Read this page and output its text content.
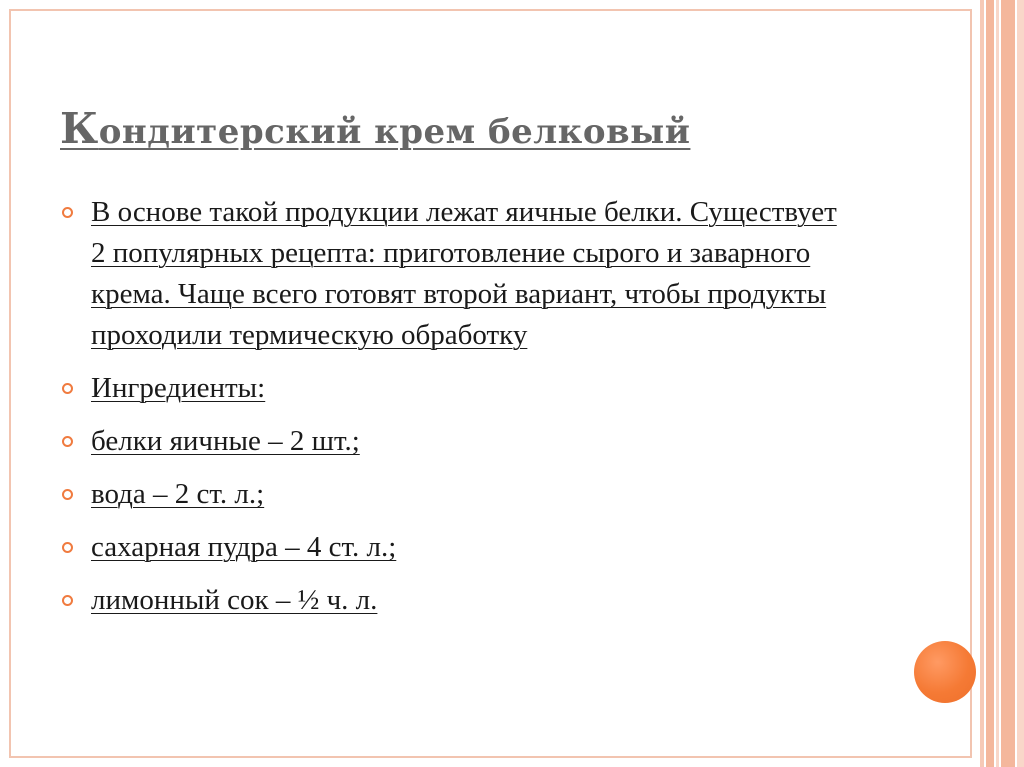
Кондитерский крем белковый
В основе такой продукции лежат яичные белки. Существует 2 популярных рецепта: приготовление сырого и заварного крема. Чаще всего готовят второй вариант, чтобы продукты проходили термическую обработку
Ингредиенты:
белки яичные – 2 шт.;
вода – 2 ст. л.;
сахарная пудра – 4 ст. л.;
лимонный сок – ½ ч. л.
